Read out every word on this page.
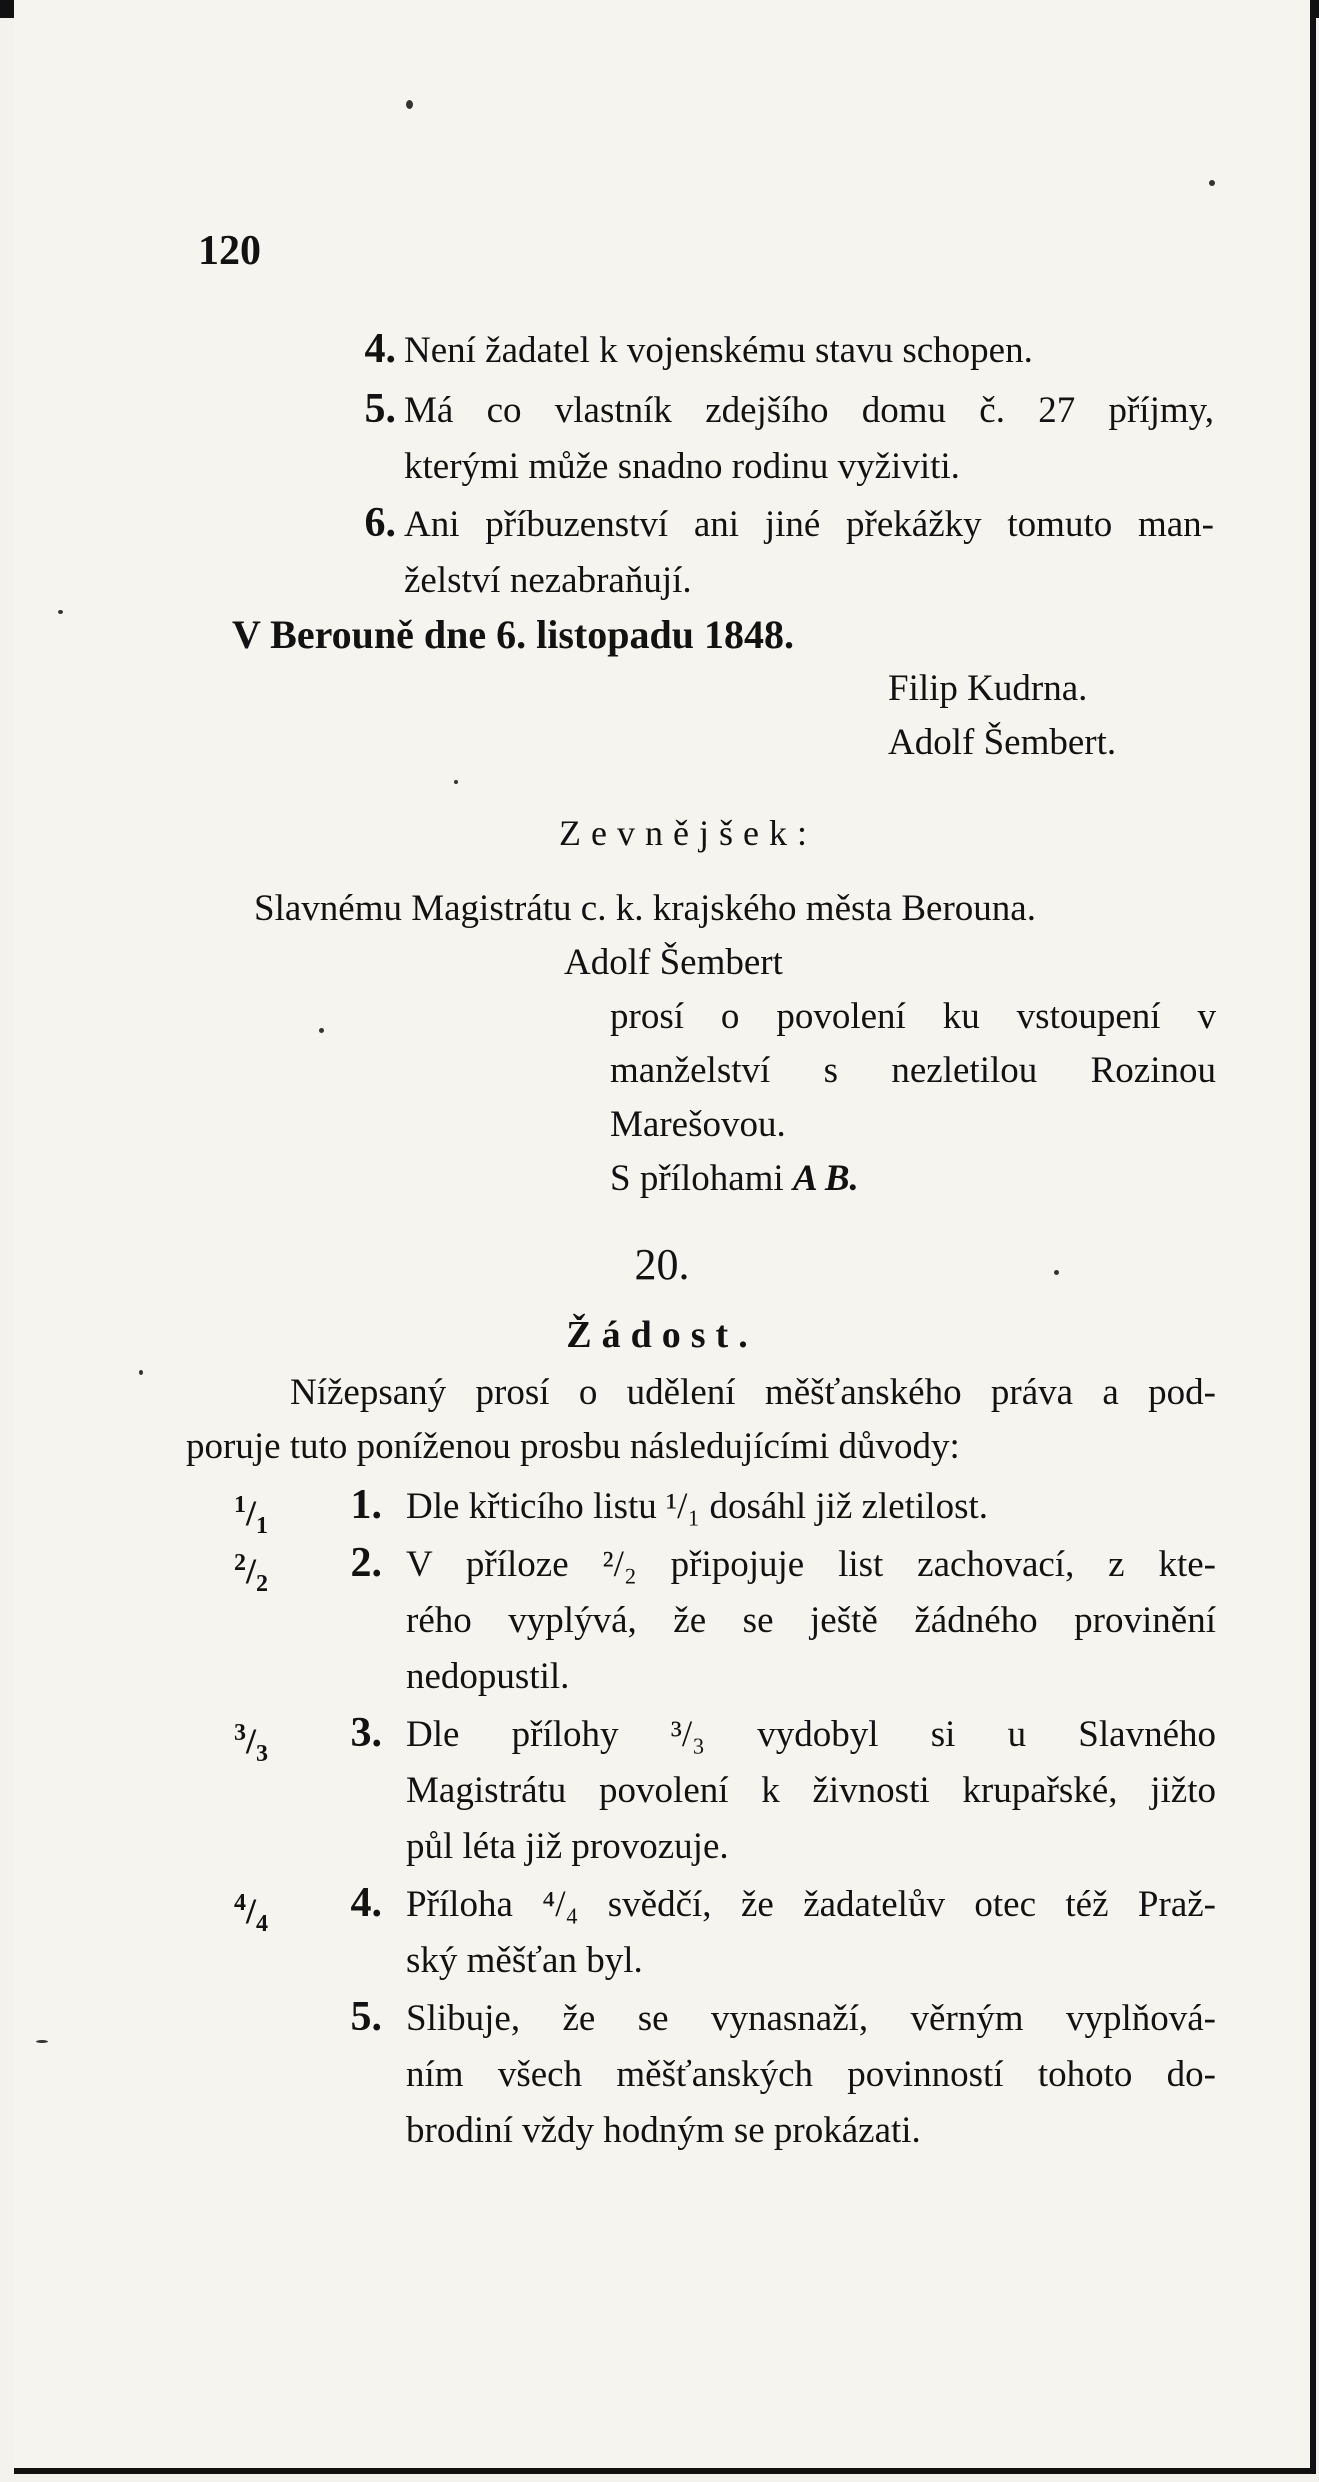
120
4. Není žadatel k vojenskému stavu schopen.
5. Má co vlastník zdejšího domu č. 27 příjmy,
kterými může snadno rodinu vyživiti.
6. Ani příbuzenství ani jiné překážky tomuto man-
želství nezabraňují.
V Berouně dne 6. listopadu 1848.
Filip Kudrna.
Adolf Šembert.
Zevnějšek:
Slavnému Magistrátu c. k. krajského města Berouna.
Adolf Šembert
prosí o povolení ku vstoupení v
manželství s nezletilou Rozinou
Marešovou.
S přílohami A B.
20.
Žádost.
Nížepsaný prosí o udělení měšťanského práva a pod-
poruje tuto poníženou prosbu následujícími důvody:
$^1/_1$	1. Dle křticího listu ¹/₁ dosáhl již zletilost.
$^2/_2$	2. V příloze ²/₂ připojuje list zachovací, z kte-
rého vyplývá, že se ještě žádného provinění
nedopustil.
$^3/_3$	3. Dle přílohy ³/₃ vydobyl si u Slavného
Magistrátu povolení k živnosti krupařské, jižto
půl léta již provozuje.
$^4/_4$	4. Příloha ⁴/₄ svědčí, že žadatelův otec též Praž-
ský měšťan byl.
5. Slibuje, že se vynasnaží, věrným vyplňová-
ním všech měšťanských povinností tohoto do-
brodiní vždy hodným se prokázati.
